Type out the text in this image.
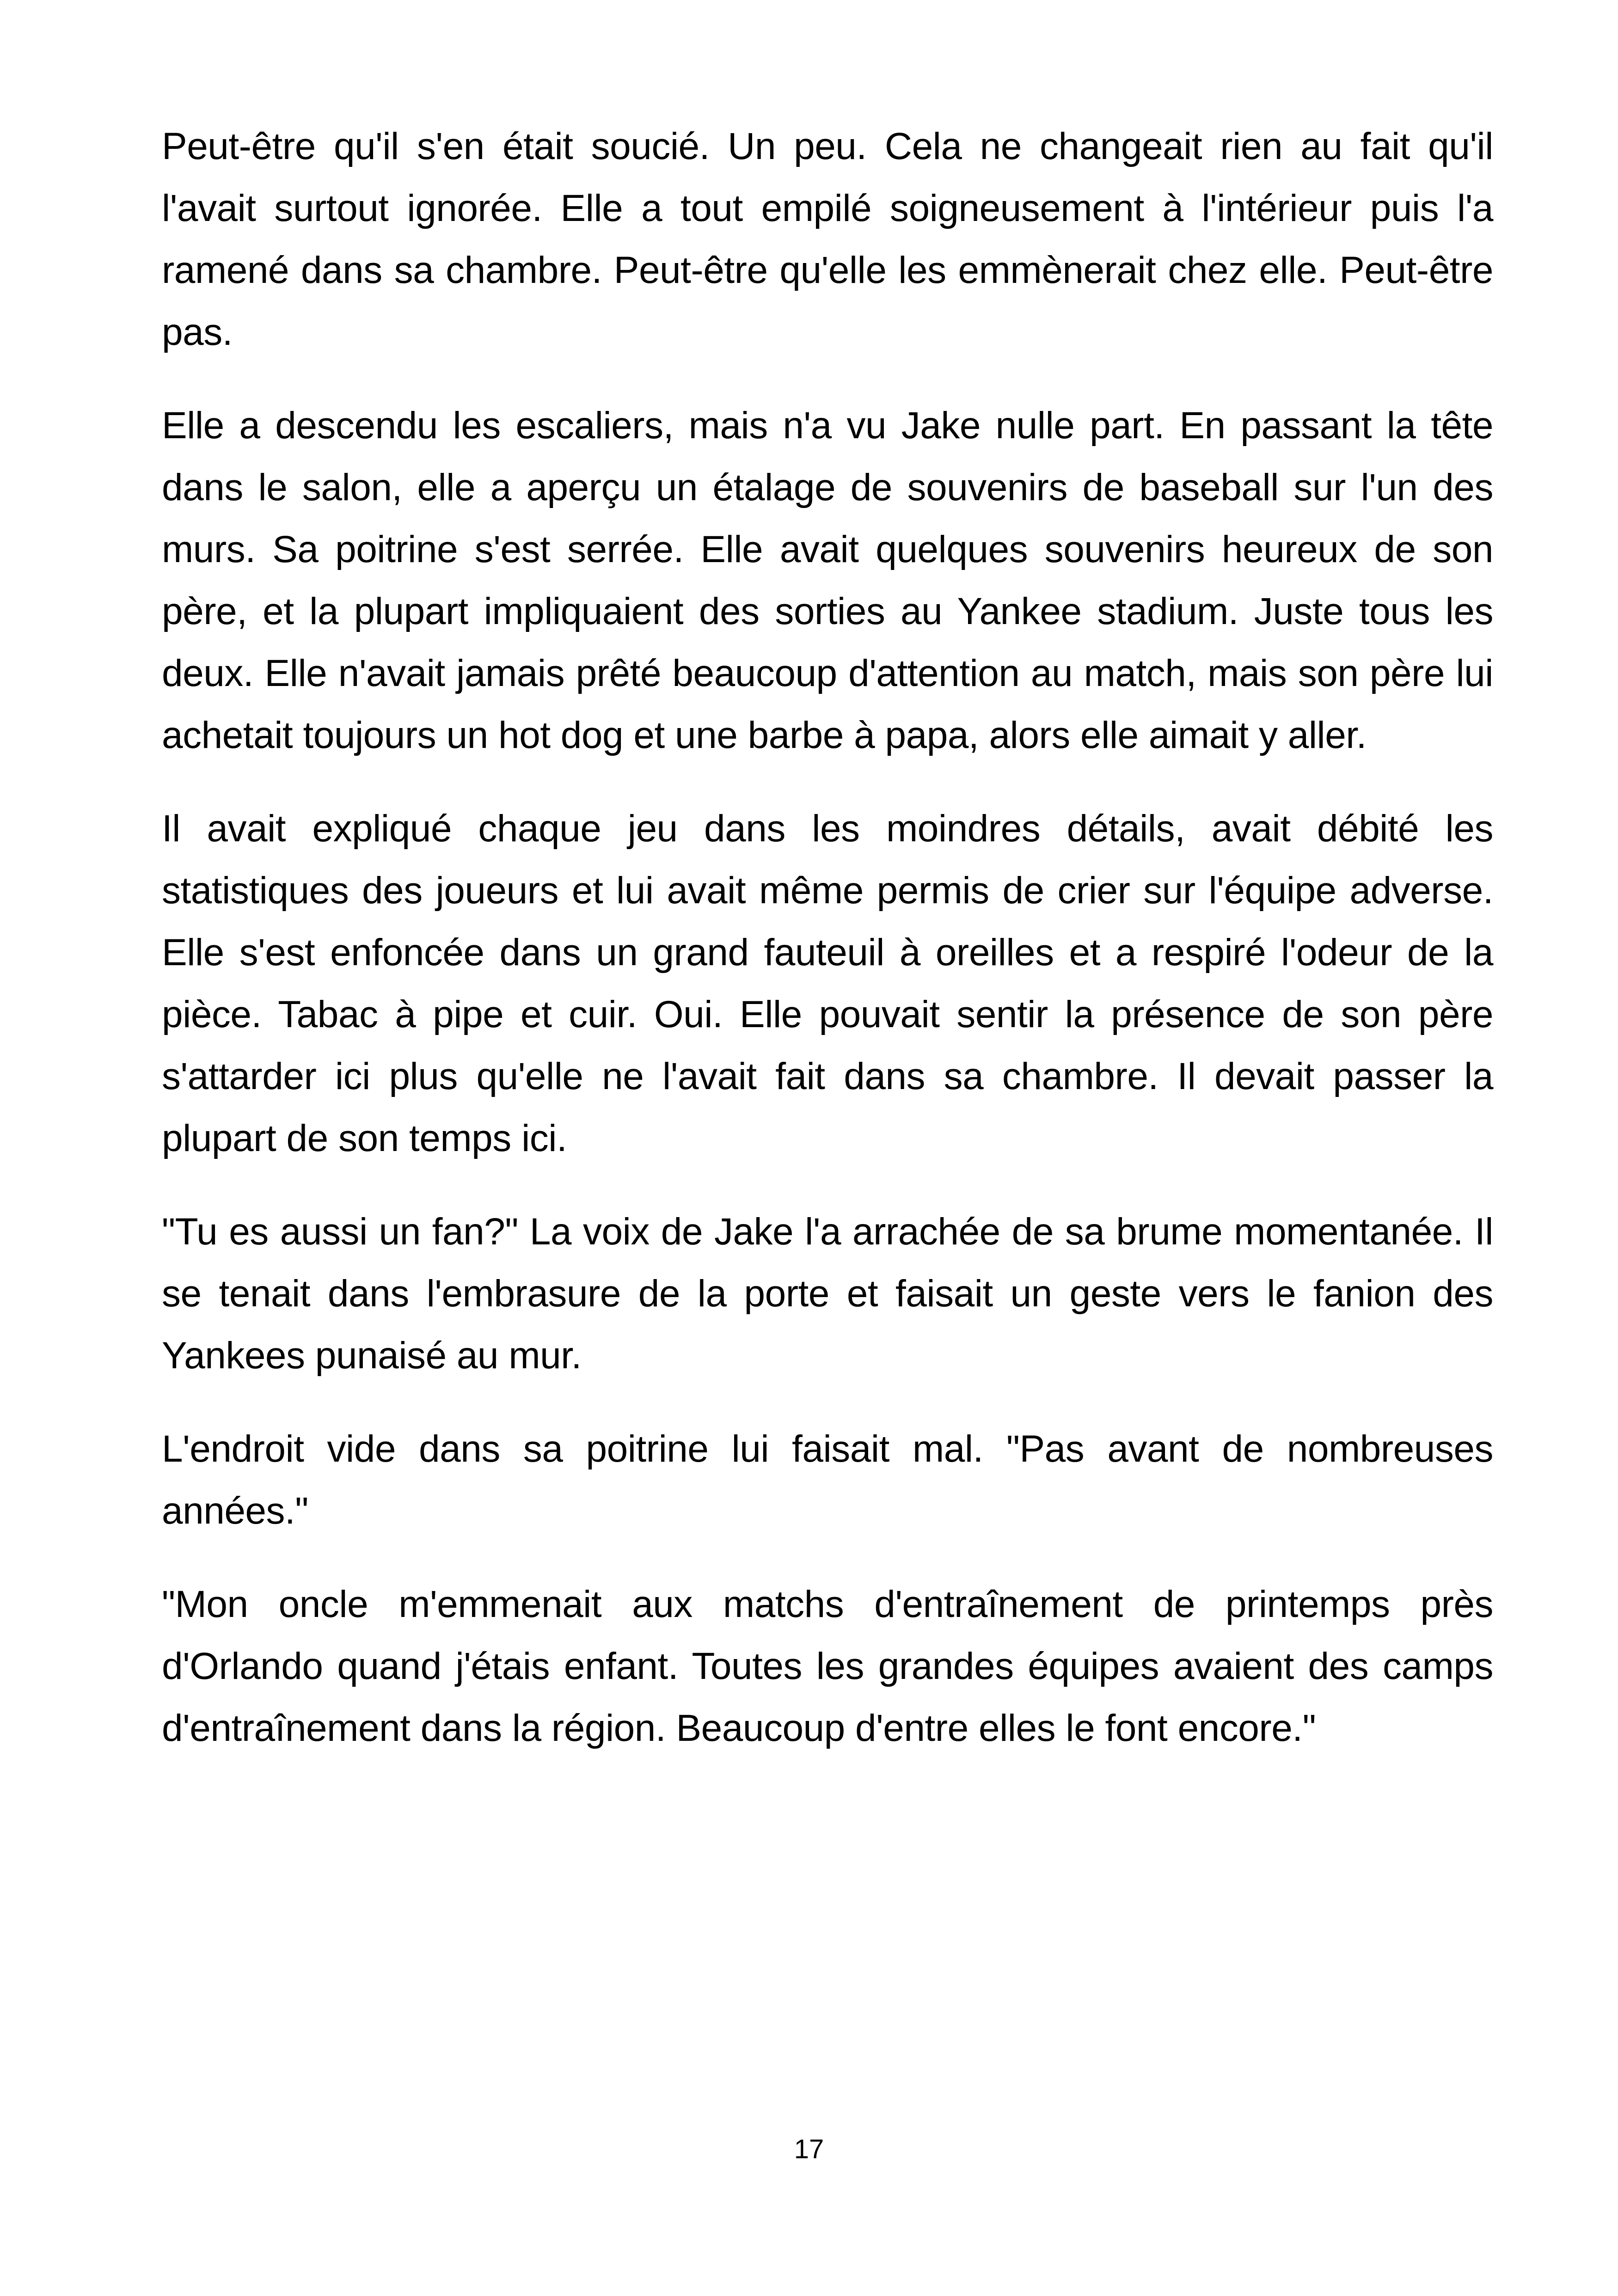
Peut-être qu'il s'en était soucié. Un peu. Cela ne changeait rien au fait qu'il l'avait surtout ignorée. Elle a tout empilé soigneusement à l'intérieur puis l'a ramené dans sa chambre. Peut-être qu'elle les emmènerait chez elle. Peut-être pas.

Elle a descendu les escaliers, mais n'a vu Jake nulle part. En passant la tête dans le salon, elle a aperçu un étalage de souvenirs de baseball sur l'un des murs. Sa poitrine s'est serrée. Elle avait quelques souvenirs heureux de son père, et la plupart impliquaient des sorties au Yankee stadium. Juste tous les deux. Elle n'avait jamais prêté beaucoup d'attention au match, mais son père lui achetait toujours un hot dog et une barbe à papa, alors elle aimait y aller.

Il avait expliqué chaque jeu dans les moindres détails, avait débité les statistiques des joueurs et lui avait même permis de crier sur l'équipe adverse. Elle s'est enfoncée dans un grand fauteuil à oreilles et a respiré l'odeur de la pièce. Tabac à pipe et cuir. Oui. Elle pouvait sentir la présence de son père s'attarder ici plus qu'elle ne l'avait fait dans sa chambre. Il devait passer la plupart de son temps ici.

"Tu es aussi un fan?" La voix de Jake l'a arrachée de sa brume momentanée. Il se tenait dans l'embrasure de la porte et faisait un geste vers le fanion des Yankees punaisé au mur.

L'endroit vide dans sa poitrine lui faisait mal. "Pas avant de nombreuses années."

"Mon oncle m'emmenait aux matchs d'entraînement de printemps près d'Orlando quand j'étais enfant. Toutes les grandes équipes avaient des camps d'entraînement dans la région. Beaucoup d'entre elles le font encore."

17
